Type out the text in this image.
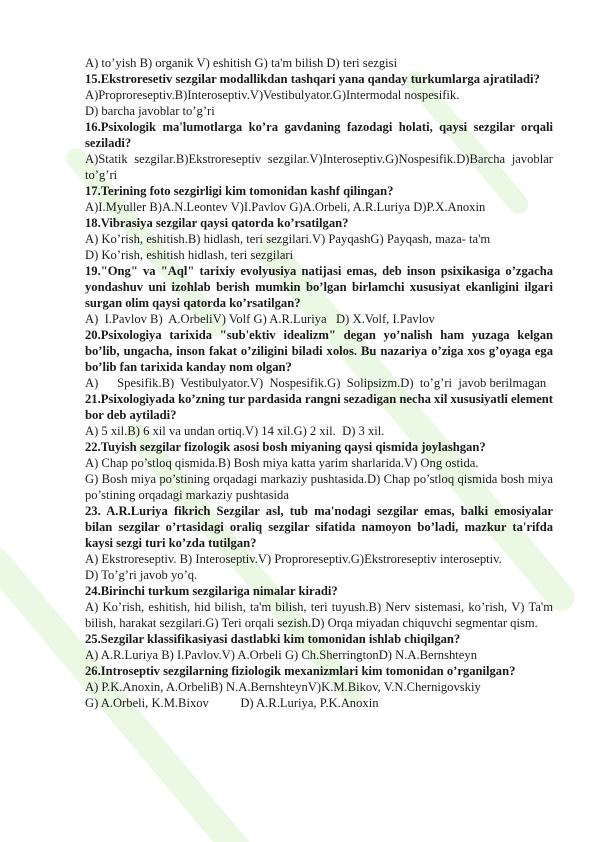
A) to’yish B) organik V) eshitish G) ta'm bilish D) teri sezgisi

15.Ekstroresetiv sezgilar modallikdan tashqari yana qanday turkumlarga ajratiladi?

A)Proproreseptiv.B)Interoseptiv.V)Vestibulyator.G)Intermodal nospesifik.

D) barcha javoblar to’g’ri

16.Psixologik ma'lumotlarga ko’ra gavdaning fazodagi holati, qaysi sezgilar orqali seziladi?

A)Statik sezgilar.B)Ekstroreseptiv sezgilar.V)Interoseptiv.G)Nospesifik.D)Barcha javoblar to’g’ri

17.Terining foto sezgirligi kim tomonidan kashf qilingan?

A)I.Myuller B)A.N.Leontev V)I.Pavlov G)A.Orbeli, A.R.Luriya D)P.X.Anoxin

18.Vibrasiya sezgilar qaysi qatorda ko’rsatilgan?

A) Ko’rish, eshitish.B) hidlash, teri sezgilari.V) PayqashG) Payqash, maza- ta'm

D) Ko’rish, eshitish hidlash, teri sezgilari

19."Ong" va "Aql" tarixiy evolyusiya natijasi emas, deb inson psixikasiga o’zgacha yondashuv uni izohlab berish mumkin bo’lgan birlamchi xususiyat ekanligini ilgari surgan olim qaysi qatorda ko’rsatilgan?

A)  I.Pavlov B)  A.OrbeliV) Volf G) A.R.Luriya   D) X.Volf, I.Pavlov

20.Psixologiya tarixida "sub'ektiv idealizm" degan yo’nalish ham yuzaga kelgan bo’lib, ungacha, inson fakat o’ziligini biladi xolos. Bu nazariya o’ziga xos g’oyaga ega bo’lib fan tarixida kanday nom olgan?

A)      Spesifik.B)  Vestibulyator.V)  Nospesifik.G)  Solipsizm.D)  to’g’ri  javob berilmagan

21.Psixologiyada ko’zning tur pardasida rangni sezadigan necha xil xususiyatli element bor deb aytiladi?

A) 5 xil.B) 6 xil va undan ortiq.V) 14 xil.G) 2 xil.  D) 3 xil.

22.Tuyish sezgilar fizologik asosi bosh miyaning qaysi qismida joylashgan?

A) Chap po’stloq qismida.B) Bosh miya katta yarim sharlarida.V) Ong ostida.

G) Bosh miya po’stining orqadagi markaziy pushtasida.D) Chap po’stloq qismida bosh miya po’stining orqadagi markaziy pushtasida

23. A.R.Luriya fikrich Sezgilar asl, tub ma'nodagi sezgilar emas, balki emosiyalar bilan sezgilar o’rtasidagi oraliq sezgilar sifatida namoyon bo’ladi, mazkur ta'rifda kaysi sezgi turi ko’zda tutilgan?

A) Ekstroreseptiv. B) Interoseptiv.V) Proproreseptiv.G)Ekstroreseptiv interoseptiv.

D) To’g’ri javob yo’q.

24.Birinchi turkum sezgilariga nimalar kiradi?

A) Ko’rish, eshitish, hid bilish, ta'm bilish, teri tuyush.B) Nerv sistemasi, ko’rish, V) Ta'm bilish, harakat sezgilari.G) Teri orqali sezish.D) Orqa miyadan chiquvchi segmentar qism.

25.Sezgilar klassifikasiyasi dastlabki kim tomonidan ishlab chiqilgan?

A) A.R.Luriya B) I.Pavlov.V) A.Orbeli G) Ch.SherringtonD) N.A.Bernshteyn

26.Introseptiv sezgilarning fiziologik mexanizmlari kim tomonidan o’rganilgan?

A) P.K.Anoxin, A.OrbeliB) N.A.BernshteynV)K.M.Bikov, V.N.Chernigovskiy

G) A.Orbeli, K.M.Bixov          D) A.R.Luriya, P.K.Anoxin
